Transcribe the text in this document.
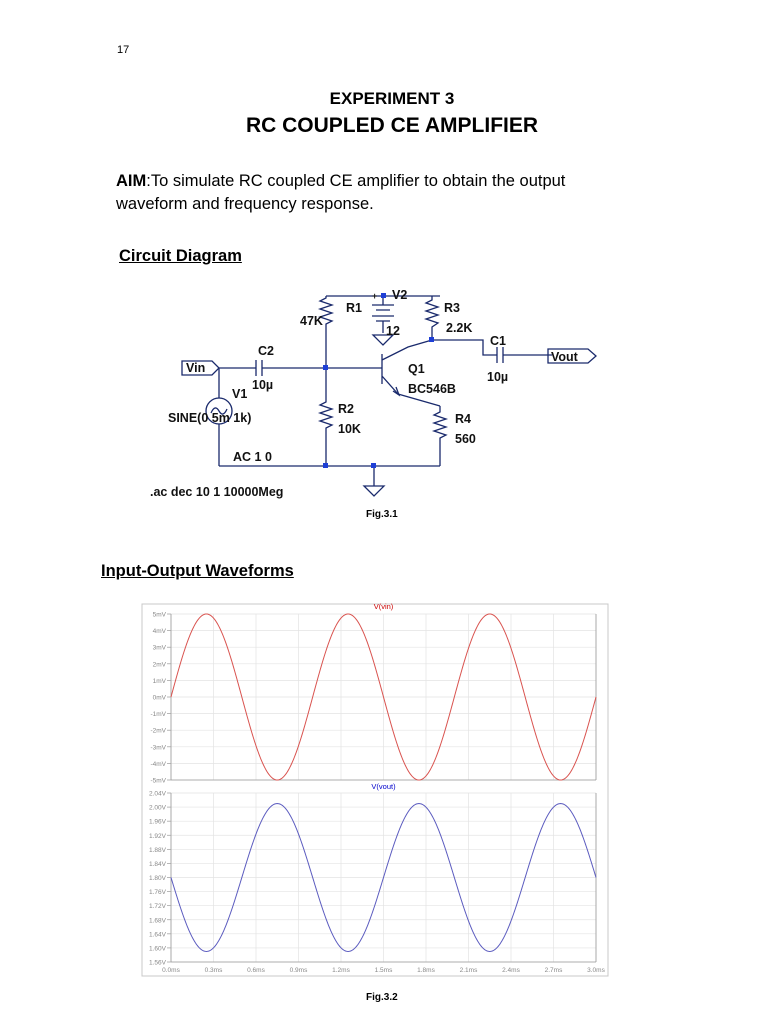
17
EXPERIMENT 3
RC COUPLED CE AMPLIFIER
AIM:To simulate RC coupled CE amplifier to obtain the output waveform and frequency response.
Circuit Diagram
V2
+
12
R1
47K
R3
2.2K
C1
10µ
Vout
C2
10µ
Vin
V1
SINE(0 5m 1k)
AC 1 0
Q1
BC546B
R2
10K
R4
560
.ac dec 10 1 10000Meg
Fig.3.1
Input-Output Waveforms
5mV
4mV
3mV
2mV
1mV
0mV
-1mV
-2mV
-3mV
-4mV
-5mV
V(vin)
2.04V
2.00V
1.96V
1.92V
1.88V
1.84V
1.80V
1.76V
1.72V
1.68V
1.64V
1.60V
1.56V
V(vout)
0.0ms	0.3ms	0.6ms	0.9ms	1.2ms	1.5ms	1.8ms	2.1ms	2.4ms	2.7ms	3.0ms
Fig.3.2
